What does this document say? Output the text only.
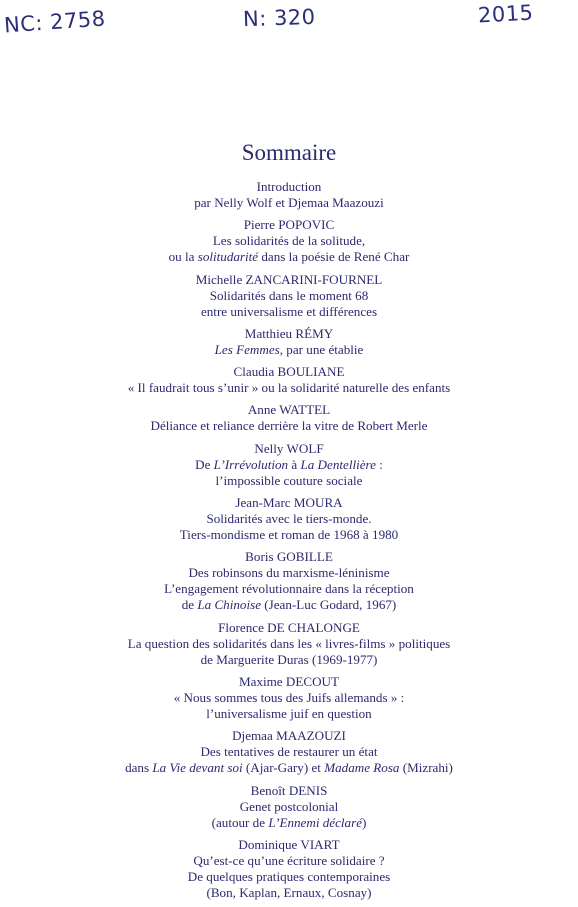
NC: 2758	N: 320	2015
Sommaire
Introduction
par Nelly Wolf et Djemaa Maazouzi
Pierre POPOVIC
Les solidarités de la solitude,
ou la solitudarité dans la poésie de René Char
Michelle ZANCARINI-FOURNEL
Solidarités dans le moment 68
entre universalisme et différences
Matthieu RÉMY
Les Femmes, par une établie
Claudia BOULIANE
« Il faudrait tous s’unir » ou la solidarité naturelle des enfants
Anne WATTEL
Déliance et reliance derrière la vitre de Robert Merle
Nelly WOLF
De L’Irrévolution à La Dentellière :
l’impossible couture sociale
Jean-Marc MOURA
Solidarités avec le tiers-monde.
Tiers-mondisme et roman de 1968 à 1980
Boris GOBILLE
Des robinsons du marxisme-léninisme
L’engagement révolutionnaire dans la réception
de La Chinoise (Jean-Luc Godard, 1967)
Florence DE CHALONGE
La question des solidarités dans les « livres-films » politiques
de Marguerite Duras (1969-1977)
Maxime DECOUT
« Nous sommes tous des Juifs allemands » :
l’universalisme juif en question
Djemaa MAAZOUZI
Des tentatives de restaurer un état
dans La Vie devant soi (Ajar-Gary) et Madame Rosa (Mizrahi)
Benoît DENIS
Genet postcolonial
(autour de L’Ennemi déclaré)
Dominique VIART
Qu’est-ce qu’une écriture solidaire ?
De quelques pratiques contemporaines
(Bon, Kaplan, Ernaux, Cosnay)
